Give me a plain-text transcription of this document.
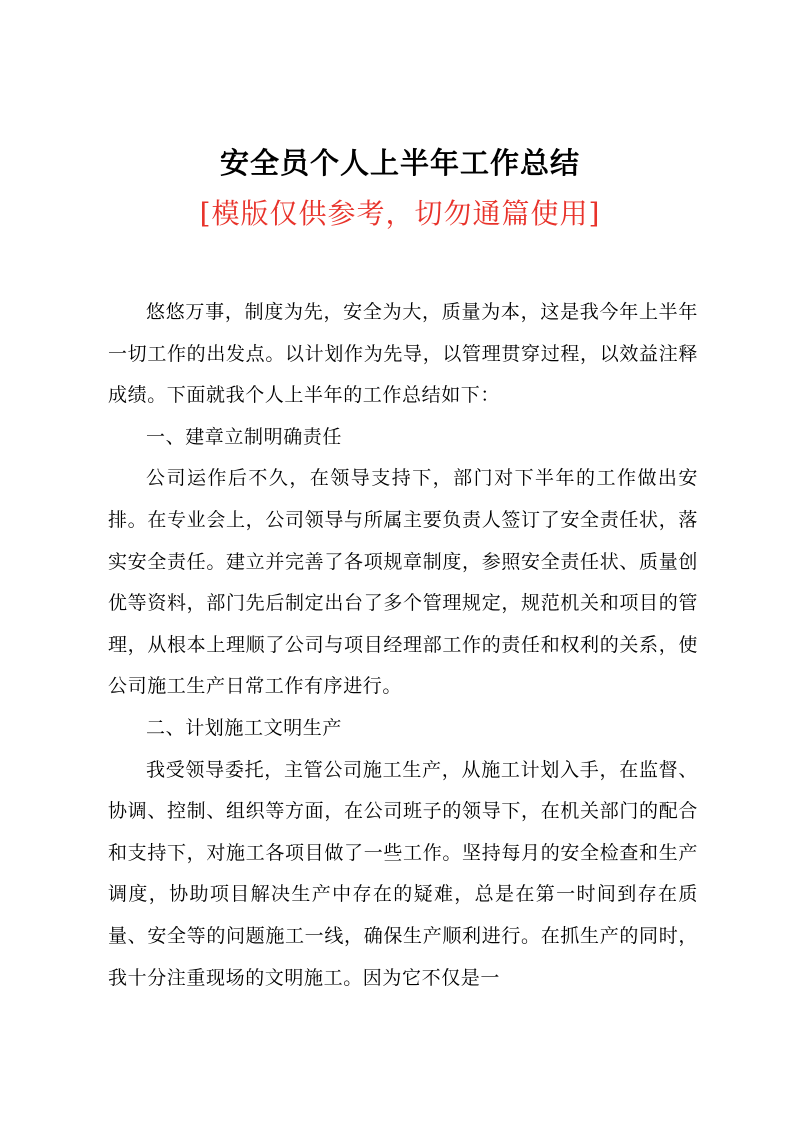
安全员个人上半年工作总结
[模版仅供参考，切勿通篇使用]

悠悠万事，制度为先，安全为大，质量为本，这是我今年上半年一切工作的出发点。以计划作为先导，以管理贯穿过程，以效益注释成绩。下面就我个人上半年的工作总结如下：

一、建章立制明确责任

公司运作后不久，在领导支持下，部门对下半年的工作做出安排。在专业会上，公司领导与所属主要负责人签订了安全责任状，落实安全责任。建立并完善了各项规章制度，参照安全责任状、质量创优等资料，部门先后制定出台了多个管理规定，规范机关和项目的管理，从根本上理顺了公司与项目经理部工作的责任和权利的关系，使公司施工生产日常工作有序进行。

二、计划施工文明生产

我受领导委托，主管公司施工生产，从施工计划入手，在监督、协调、控制、组织等方面，在公司班子的领导下，在机关部门的配合和支持下，对施工各项目做了一些工作。坚持每月的安全检查和生产调度，协助项目解决生产中存在的疑难，总是在第一时间到存在质量、安全等的问题施工一线，确保生产顺利进行。在抓生产的同时，我十分注重现场的文明施工。因为它不仅是一
